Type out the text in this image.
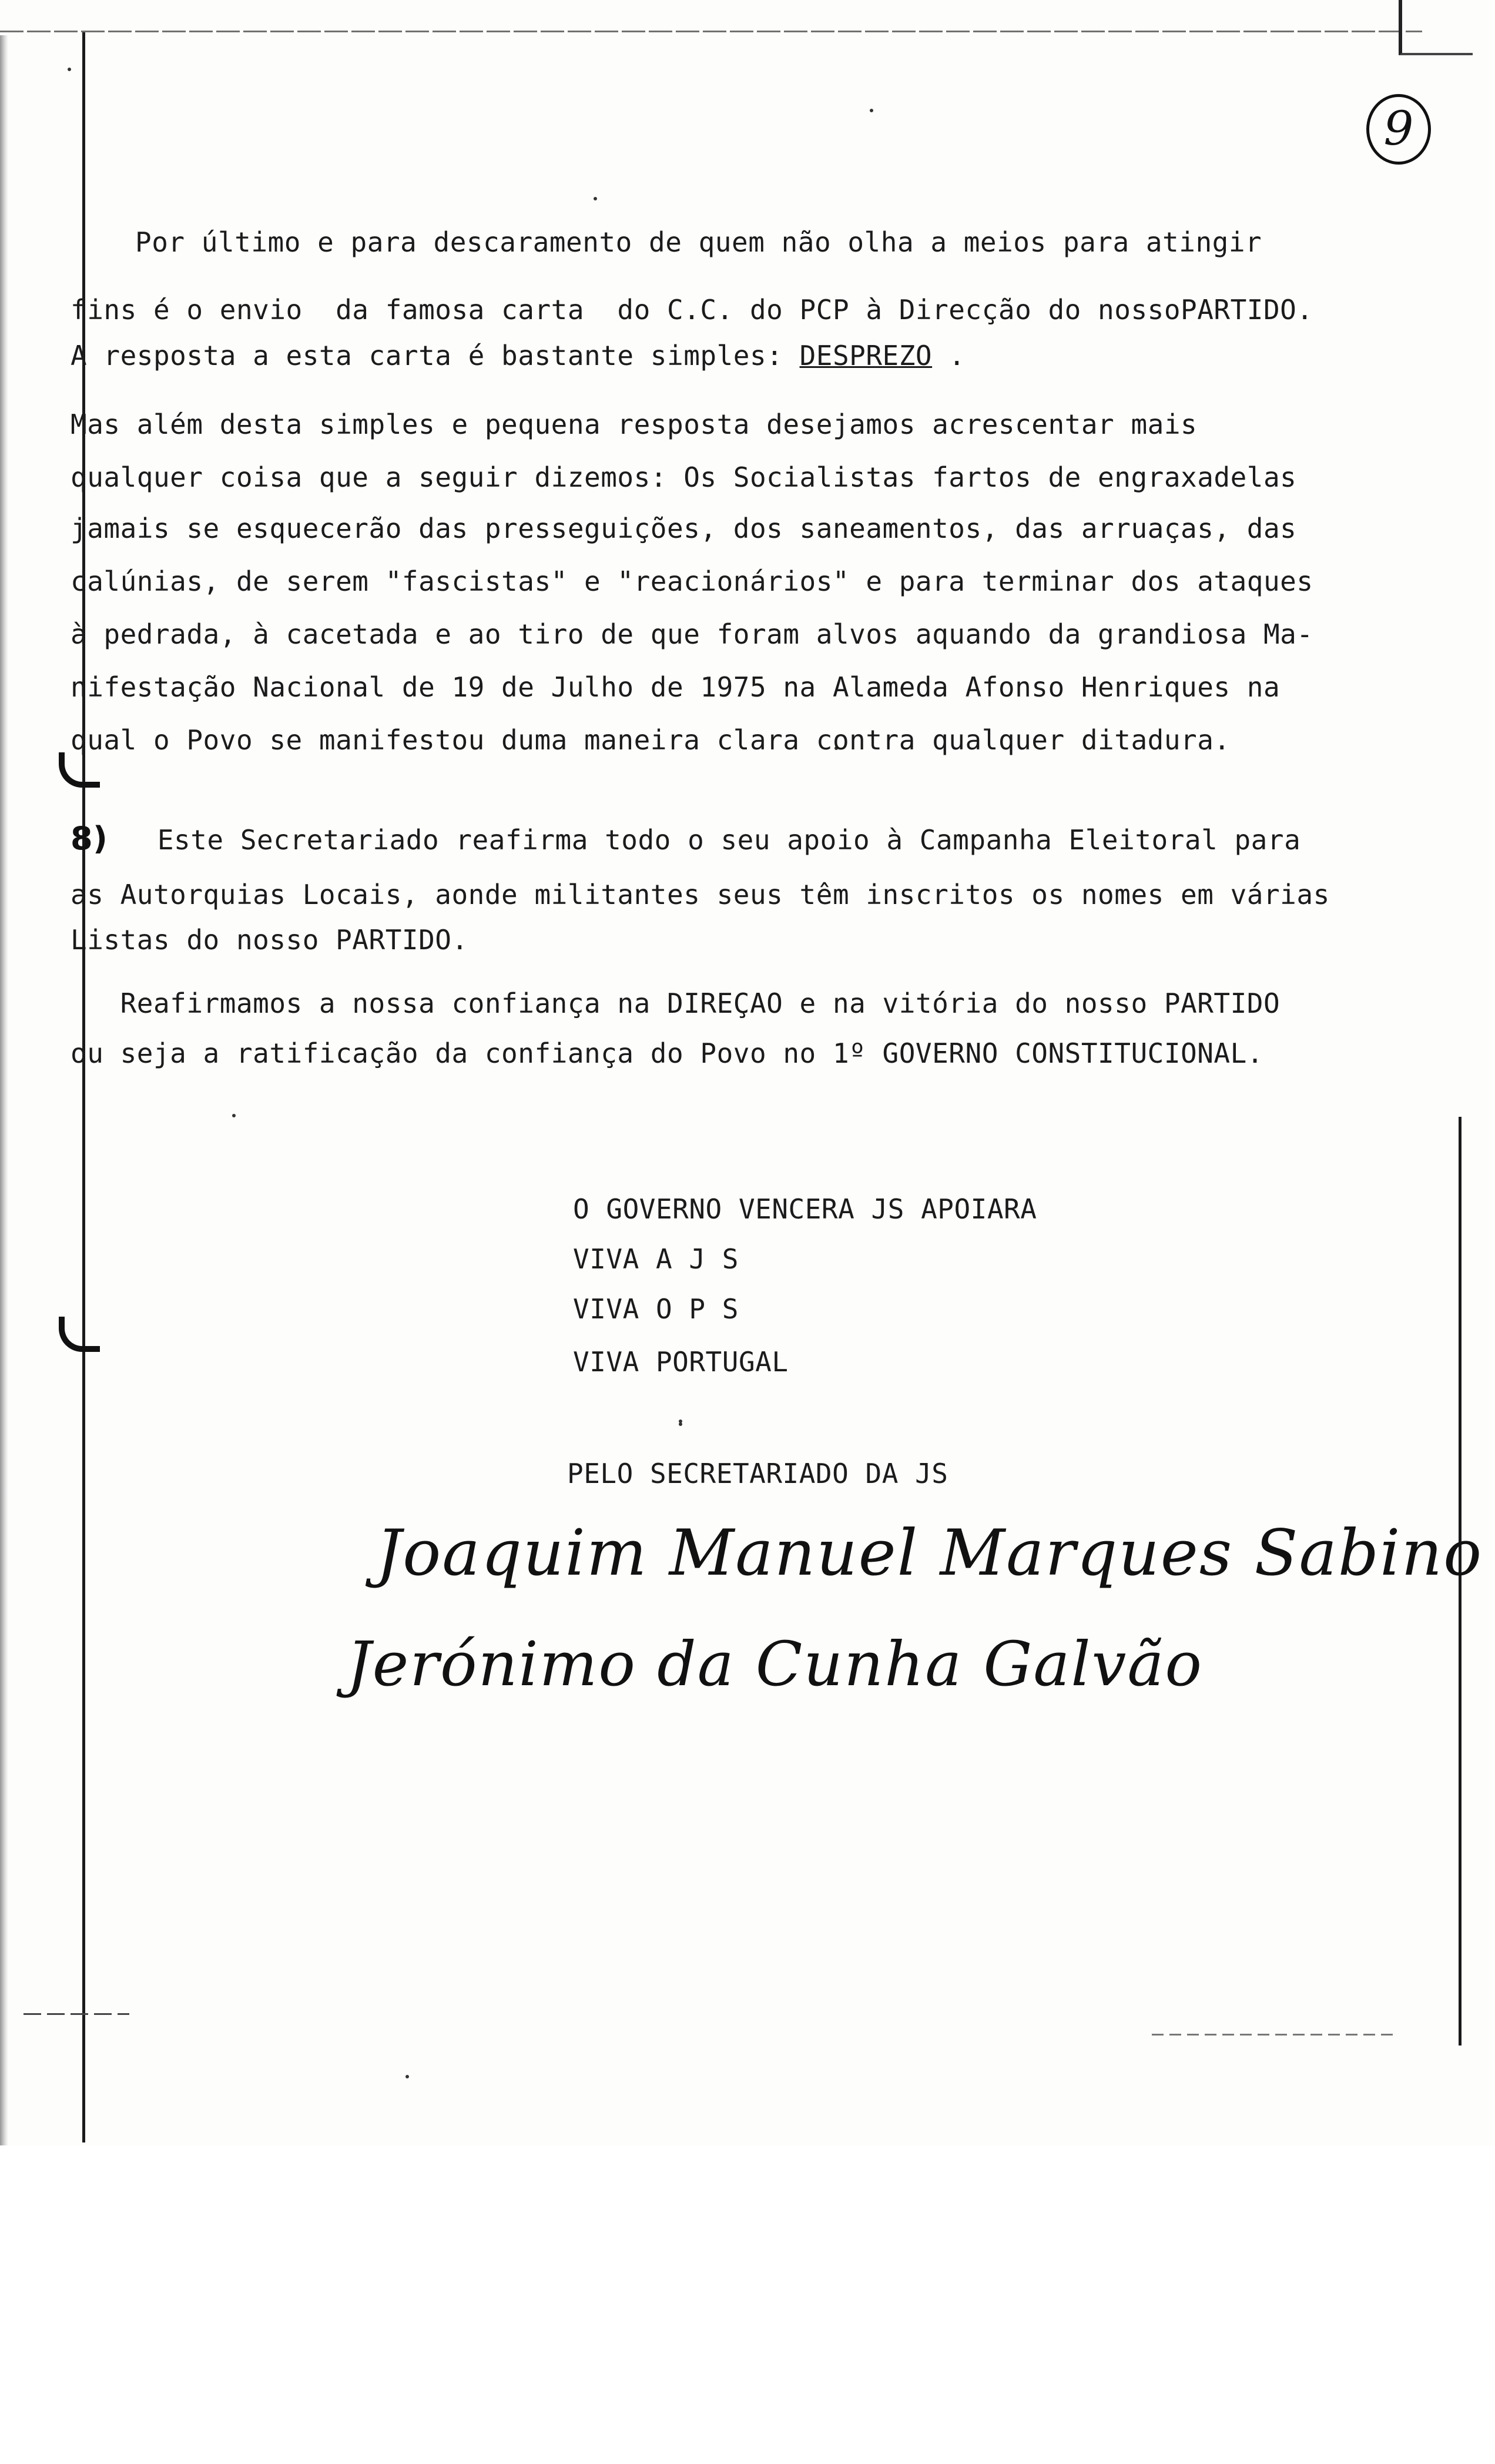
9
Por último e para descaramento de quem não olha a meios para atingir
fins é o envio  da famosa carta  do C.C. do PCP à Direcção do nossoPARTIDO.
A resposta a esta carta é bastante simples: DESPREZO .
Mas além desta simples e pequena resposta desejamos acrescentar mais
qualquer coisa que a seguir dizemos: Os Socialistas fartos de engraxadelas
jamais se esquecerão das presseguições, dos saneamentos, das arruaças, das
calúnias, de serem "fascistas" e "reacionários" e para terminar dos ataques
à pedrada, à cacetada e ao tiro de que foram alvos aquando da grandiosa Ma-
nifestação Nacional de 19 de Julho de 1975 na Alameda Afonso Henriques na
qual o Povo se manifestou duma maneira clara contra qualquer ditadura.
8)   Este Secretariado reafirma todo o seu apoio à Campanha Eleitoral para
as Autorquias Locais, aonde militantes seus têm inscritos os nomes em várias
Listas do nosso PARTIDO.
Reafirmamos a nossa confiança na DIREÇAO e na vitória do nosso PARTIDO
ou seja a ratificação da confiança do Povo no 1º GOVERNO CONSTITUCIONAL.
O GOVERNO VENCERA JS APOIARA
VIVA A J S
VIVA O P S
VIVA PORTUGAL
PELO SECRETARIADO DA JS
Joaquim Manuel Marques Sabino
Jerónimo da Cunha Galvão
